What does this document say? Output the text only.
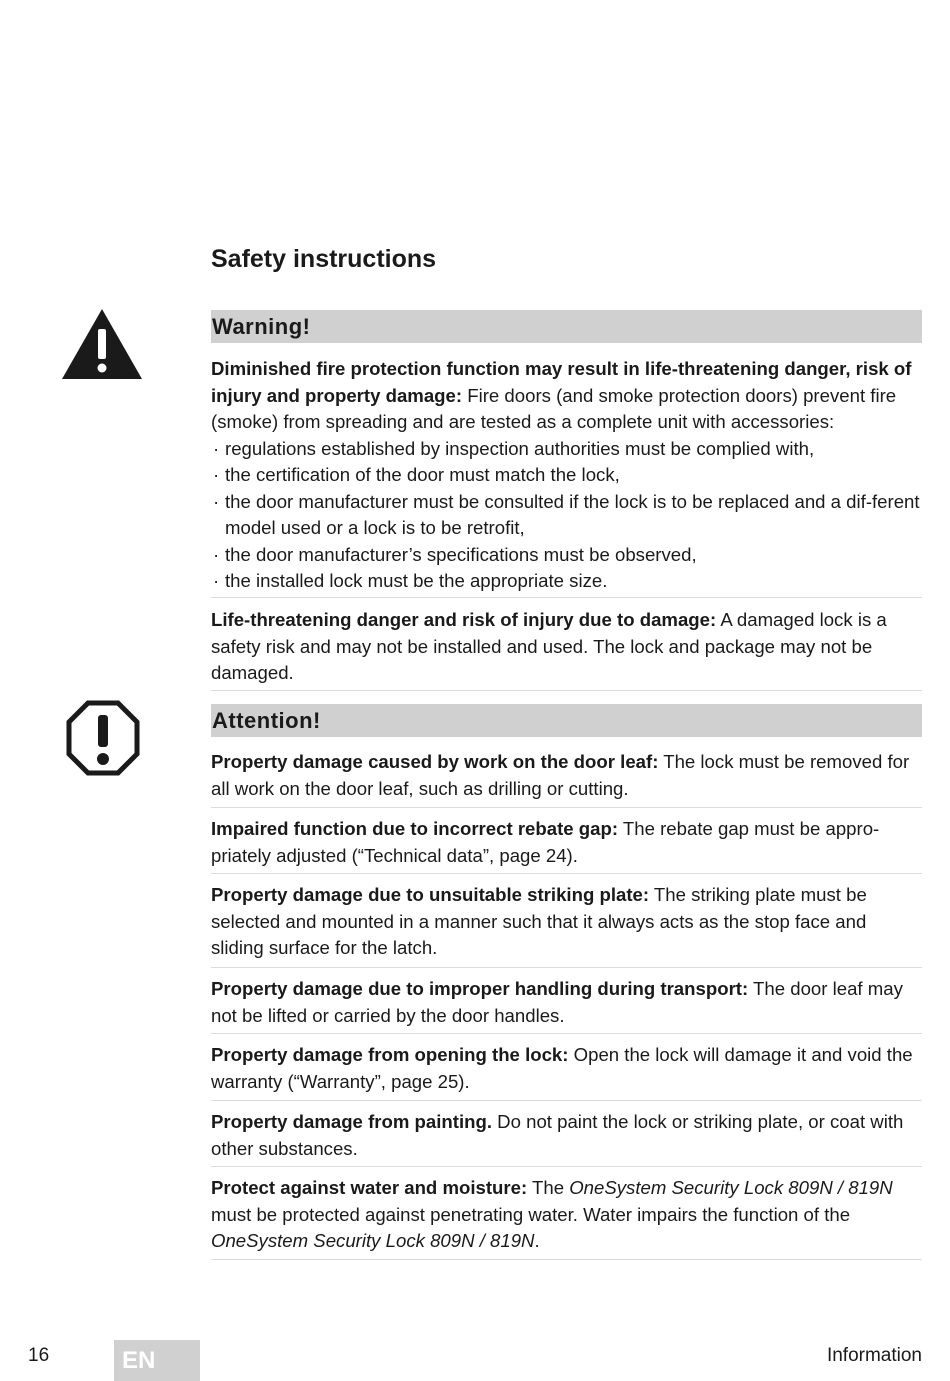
Safety instructions
Warning!

Diminished fire protection function may result in life-threatening danger, risk of injury and property damage: Fire doors (and smoke protection doors) prevent fire (smoke) from spreading and are tested as a complete unit with accessories:

· regulations established by inspection authorities must be complied with,
· the certification of the door must match the lock,
· the door manufacturer must be consulted if the lock is to be replaced and a dif-ferent model used or a lock is to be retrofit,
· the door manufacturer’s specifications must be observed,
· the installed lock must be the appropriate size.

Life-threatening danger and risk of injury due to damage: A damaged lock is a safety risk and may not be installed and used. The lock and package may not be damaged.

Attention!

Property damage caused by work on the door leaf: The lock must be removed for all work on the door leaf, such as drilling or cutting.

Impaired function due to incorrect rebate gap: The rebate gap must be appro-priately adjusted (“Technical data”, page 24).

Property damage due to unsuitable striking plate: The striking plate must be selected and mounted in a manner such that it always acts as the stop face and sliding surface for the latch.

Property damage due to improper handling during transport: The door leaf may not be lifted or carried by the door handles.

Property damage from opening the lock: Open the lock will damage it and void the warranty (“Warranty”, page 25).

Property damage from painting. Do not paint the lock or striking plate, or coat with other substances.

Protect against water and moisture: The OneSystem Security Lock 809N / 819N must be protected against penetrating water. Water impairs the function of the OneSystem Security Lock 809N / 819N.

16	EN	Information
